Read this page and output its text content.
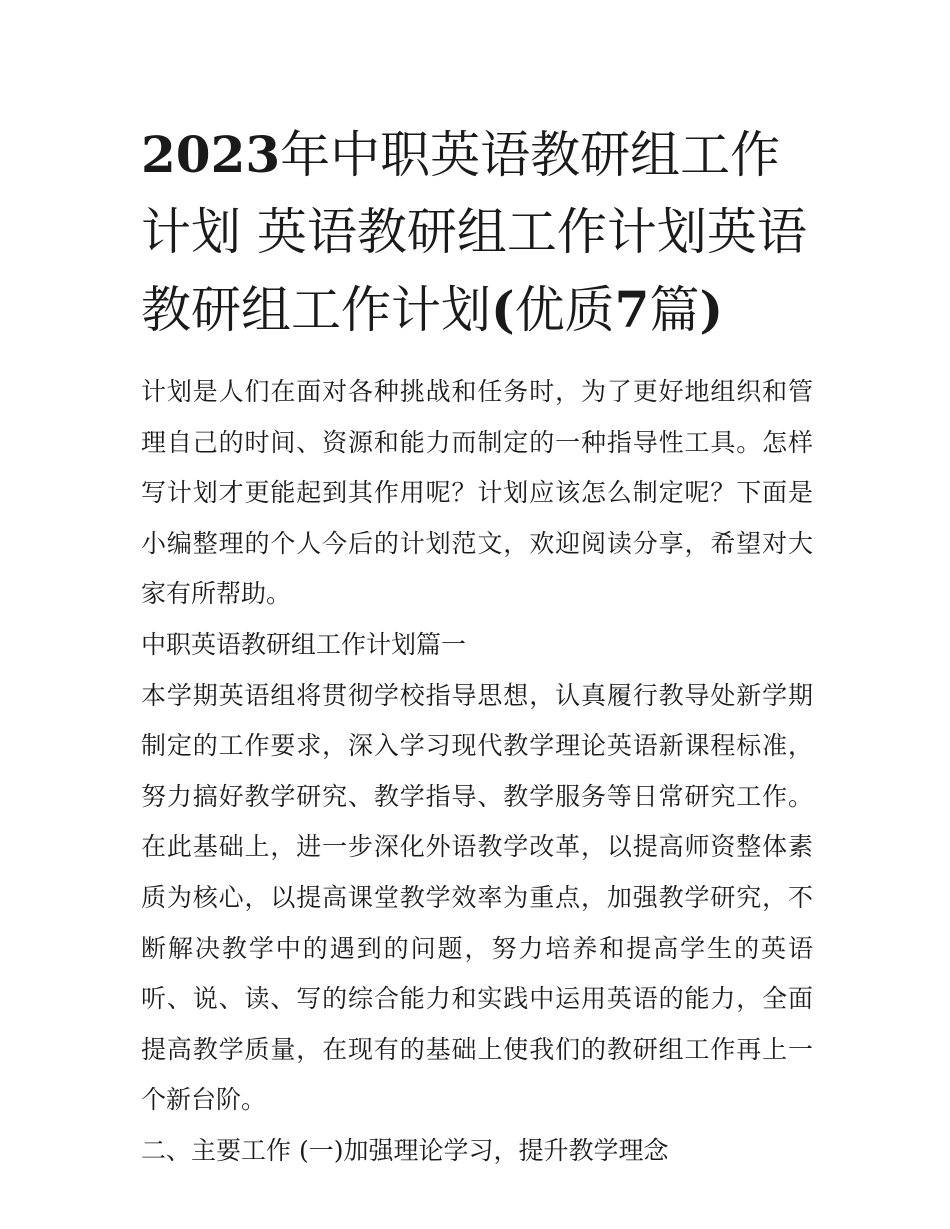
2023年中职英语教研组工作计划 英语教研组工作计划英语教研组工作计划(优质7篇)

计划是人们在面对各种挑战和任务时，为了更好地组织和管理自己的时间、资源和能力而制定的一种指导性工具。怎样写计划才更能起到其作用呢？计划应该怎么制定呢？下面是小编整理的个人今后的计划范文，欢迎阅读分享，希望对大家有所帮助。

中职英语教研组工作计划篇一

本学期英语组将贯彻学校指导思想，认真履行教导处新学期制定的工作要求，深入学习现代教学理论英语新课程标准，努力搞好教学研究、教学指导、教学服务等日常研究工作。在此基础上，进一步深化外语教学改革，以提高师资整体素质为核心，以提高课堂教学效率为重点，加强教学研究，不断解决教学中的遇到的问题，努力培养和提高学生的英语听、说、读、写的综合能力和实践中运用英语的能力，全面提高教学质量，在现有的基础上使我们的教研组工作再上一个新台阶。

二、主要工作 (一)加强理论学习，提升教学理念
